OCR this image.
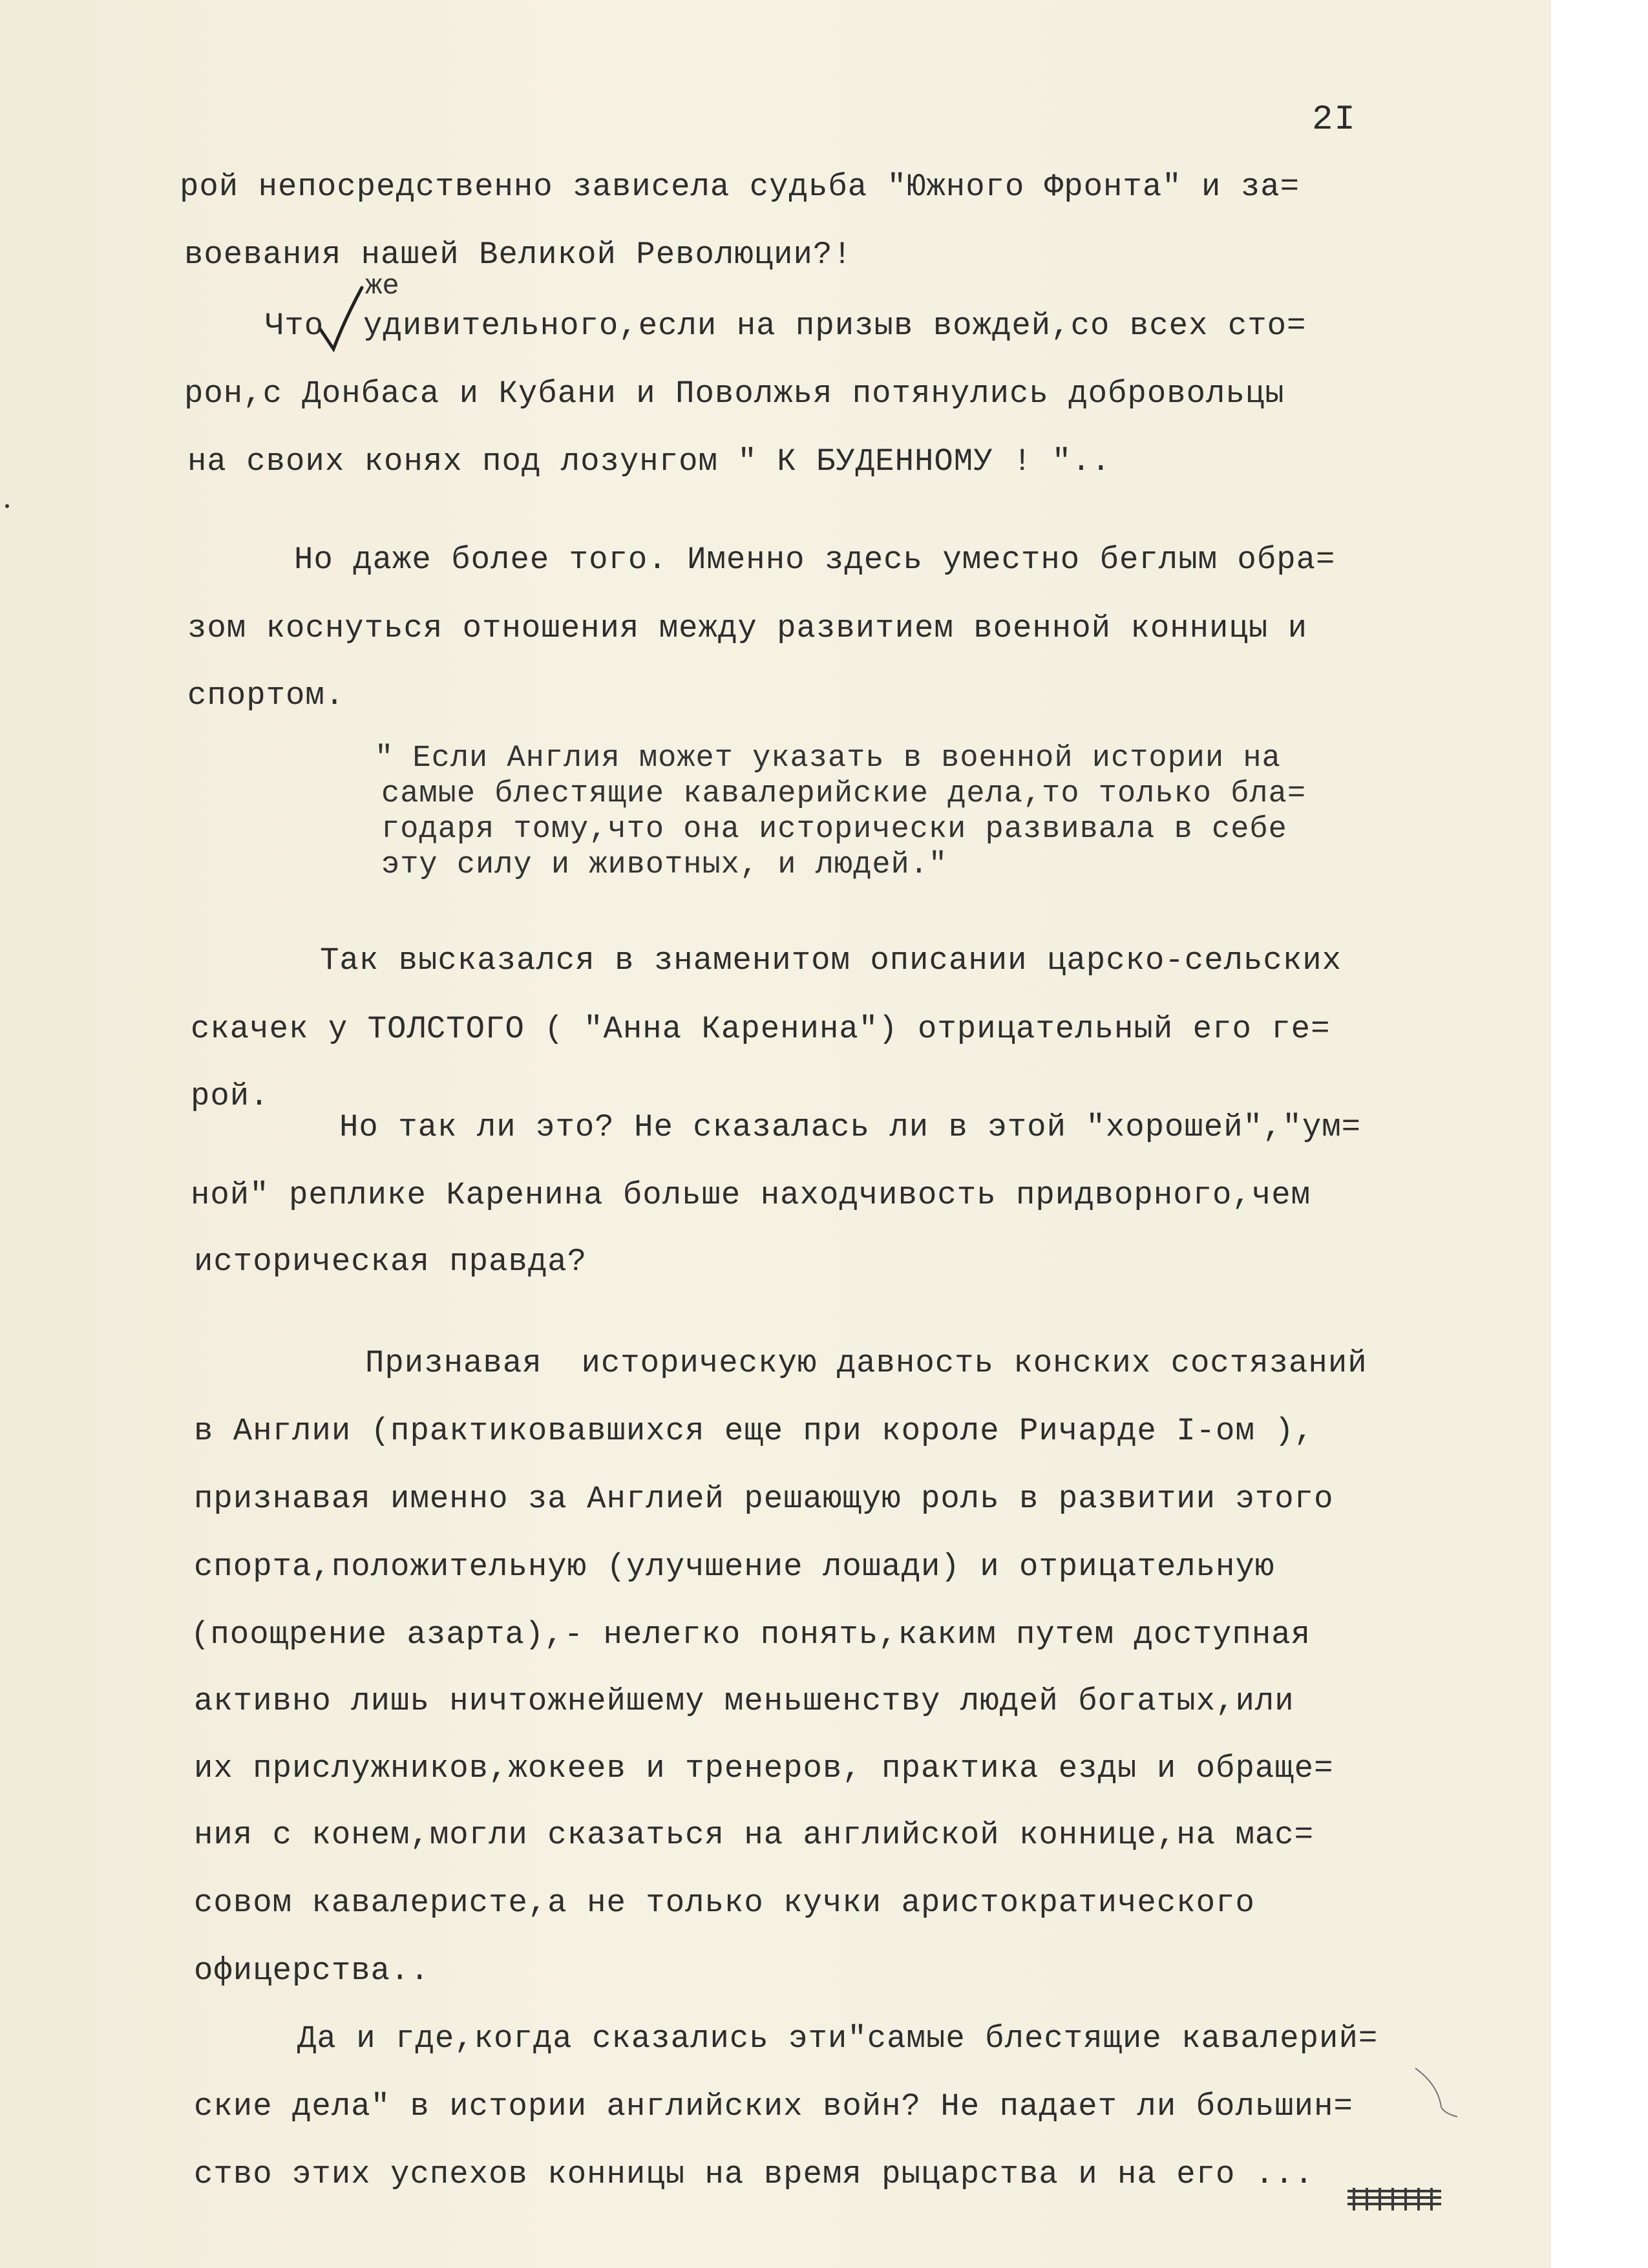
2I
же
рой непосредственно зависела судьба "Южного Фронта" и за=
воевания нашей Великой Революции?!
Что  удивительного,если на призыв вождей,со всех сто=
рон,с Донбаса и Кубани и Поволжья потянулись добровольцы
на своих конях под лозунгом " К БУДЕННОМУ ! "..
Но даже более того. Именно здесь уместно беглым обра=
зом коснуться отношения между развитием военной конницы и
спортом.
" Если Англия может указать в военной истории на
самые блестящие кавалерийские дела,то только бла=
годаря тому,что она исторически развивала в себе
эту силу и животных, и людей."
Так высказался в знаменитом описании царско-сельских
скачек у ТОЛСТОГО ( "Анна Каренина") отрицательный его ге=
рой.
Но так ли это? Не сказалась ли в этой "хорошей","ум=
ной" реплике Каренина больше находчивость придворного,чем
историческая правда?
Признавая  историческую давность конских состязаний
в Англии (практиковавшихся еще при короле Ричарде I-ом ),
признавая именно за Англией решающую роль в развитии этого
спорта,положительную (улучшение лошади) и отрицательную
(поощрение азарта),- нелегко понять,каким путем доступная
активно лишь ничтожнейшему меньшенству людей богатых,или
их прислужников,жокеев и тренеров, практика езды и обраще=
ния с конем,могли сказаться на английской коннице,на мас=
совом кавалеристе,а не только кучки аристократического
офицерства..
Да и где,когда сказались эти"самые блестящие кавалерий=
ские дела" в истории английских войн? Не падает ли большин=
ство этих успехов конницы на время рыцарства и на его ...
